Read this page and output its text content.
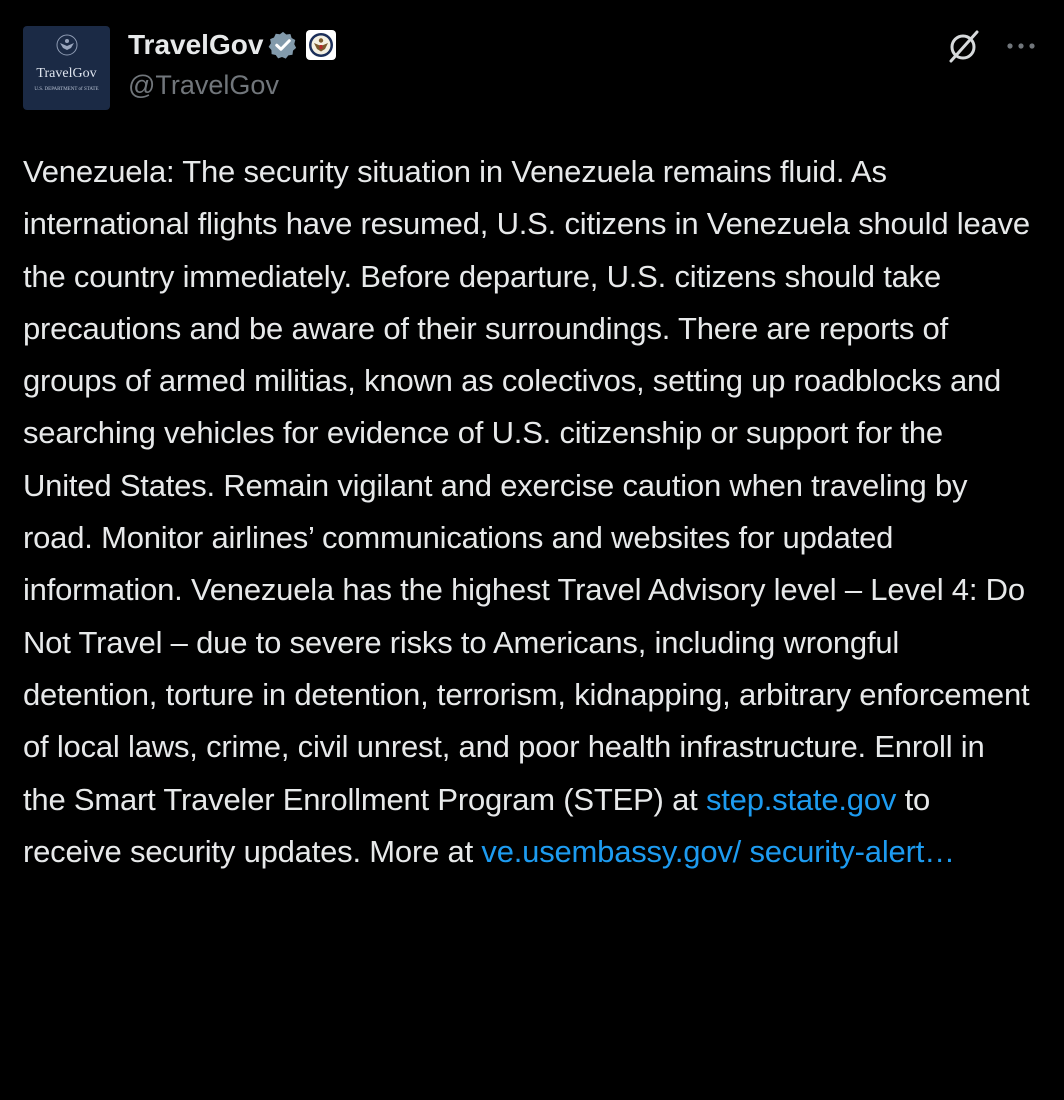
TravelGov
U.S. DEPARTMENT of STATE
TravelGov
@TravelGov

Venezuela: The security situation in Venezuela remains fluid. As international flights have resumed, U.S. citizens in Venezuela should leave the country immediately. Before departure, U.S. citizens should take precautions and be aware of their surroundings. There are reports of groups of armed militias, known as colectivos, setting up roadblocks and searching vehicles for evidence of U.S. citizenship or support for the United States. Remain vigilant and exercise caution when traveling by road. Monitor airlines’ communications and websites for updated information. Venezuela has the highest Travel Advisory level – Level 4: Do Not Travel – due to severe risks to Americans, including wrongful detention, torture in detention, terrorism, kidnapping, arbitrary enforcement of local laws, crime, civil unrest, and poor health infrastructure. Enroll in the Smart Traveler Enrollment Program (STEP) at step.state.gov to receive security updates. More at ve.usembassy.gov/ security-alert…
